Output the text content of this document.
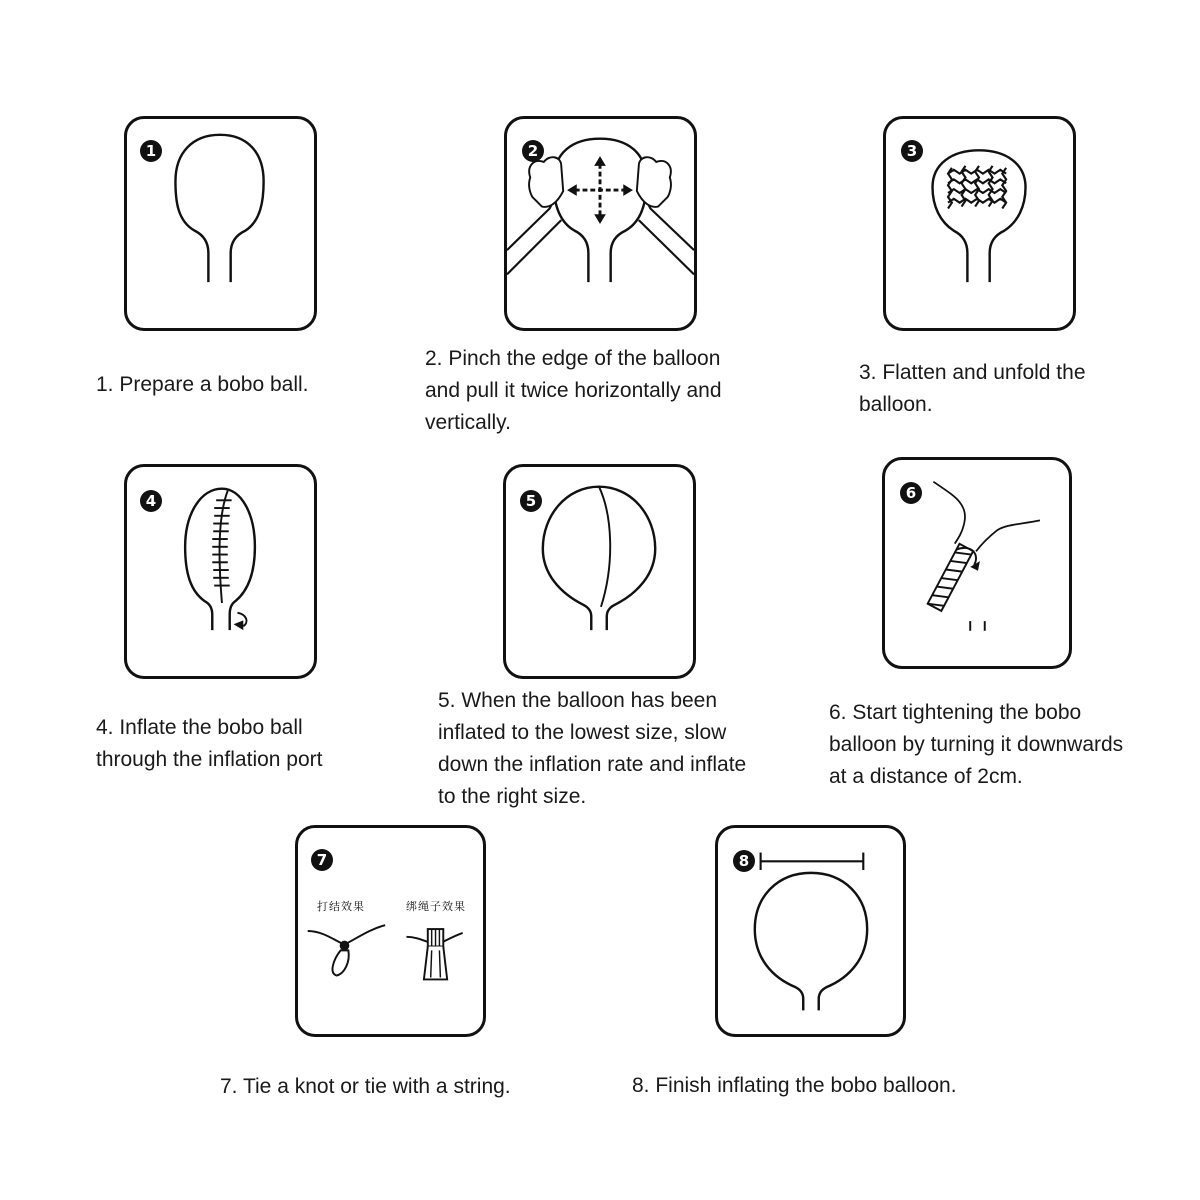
1
1. Prepare a bobo ball.
2
2. Pinch the edge of the balloon
and pull it twice horizontally and
vertically.
3
3. Flatten and unfold the
balloon.
4
4. Inflate the bobo ball
through the inflation port
5
5. When the balloon has been
inflated to the lowest size, slow
down the inflation rate and inflate
to the right size.
6
6. Start tightening the bobo
balloon by turning it downwards
at a distance of 2cm.
7
打结效果	绑绳子效果
7. Tie a knot or tie with a string.
8
8. Finish inflating the bobo balloon.
